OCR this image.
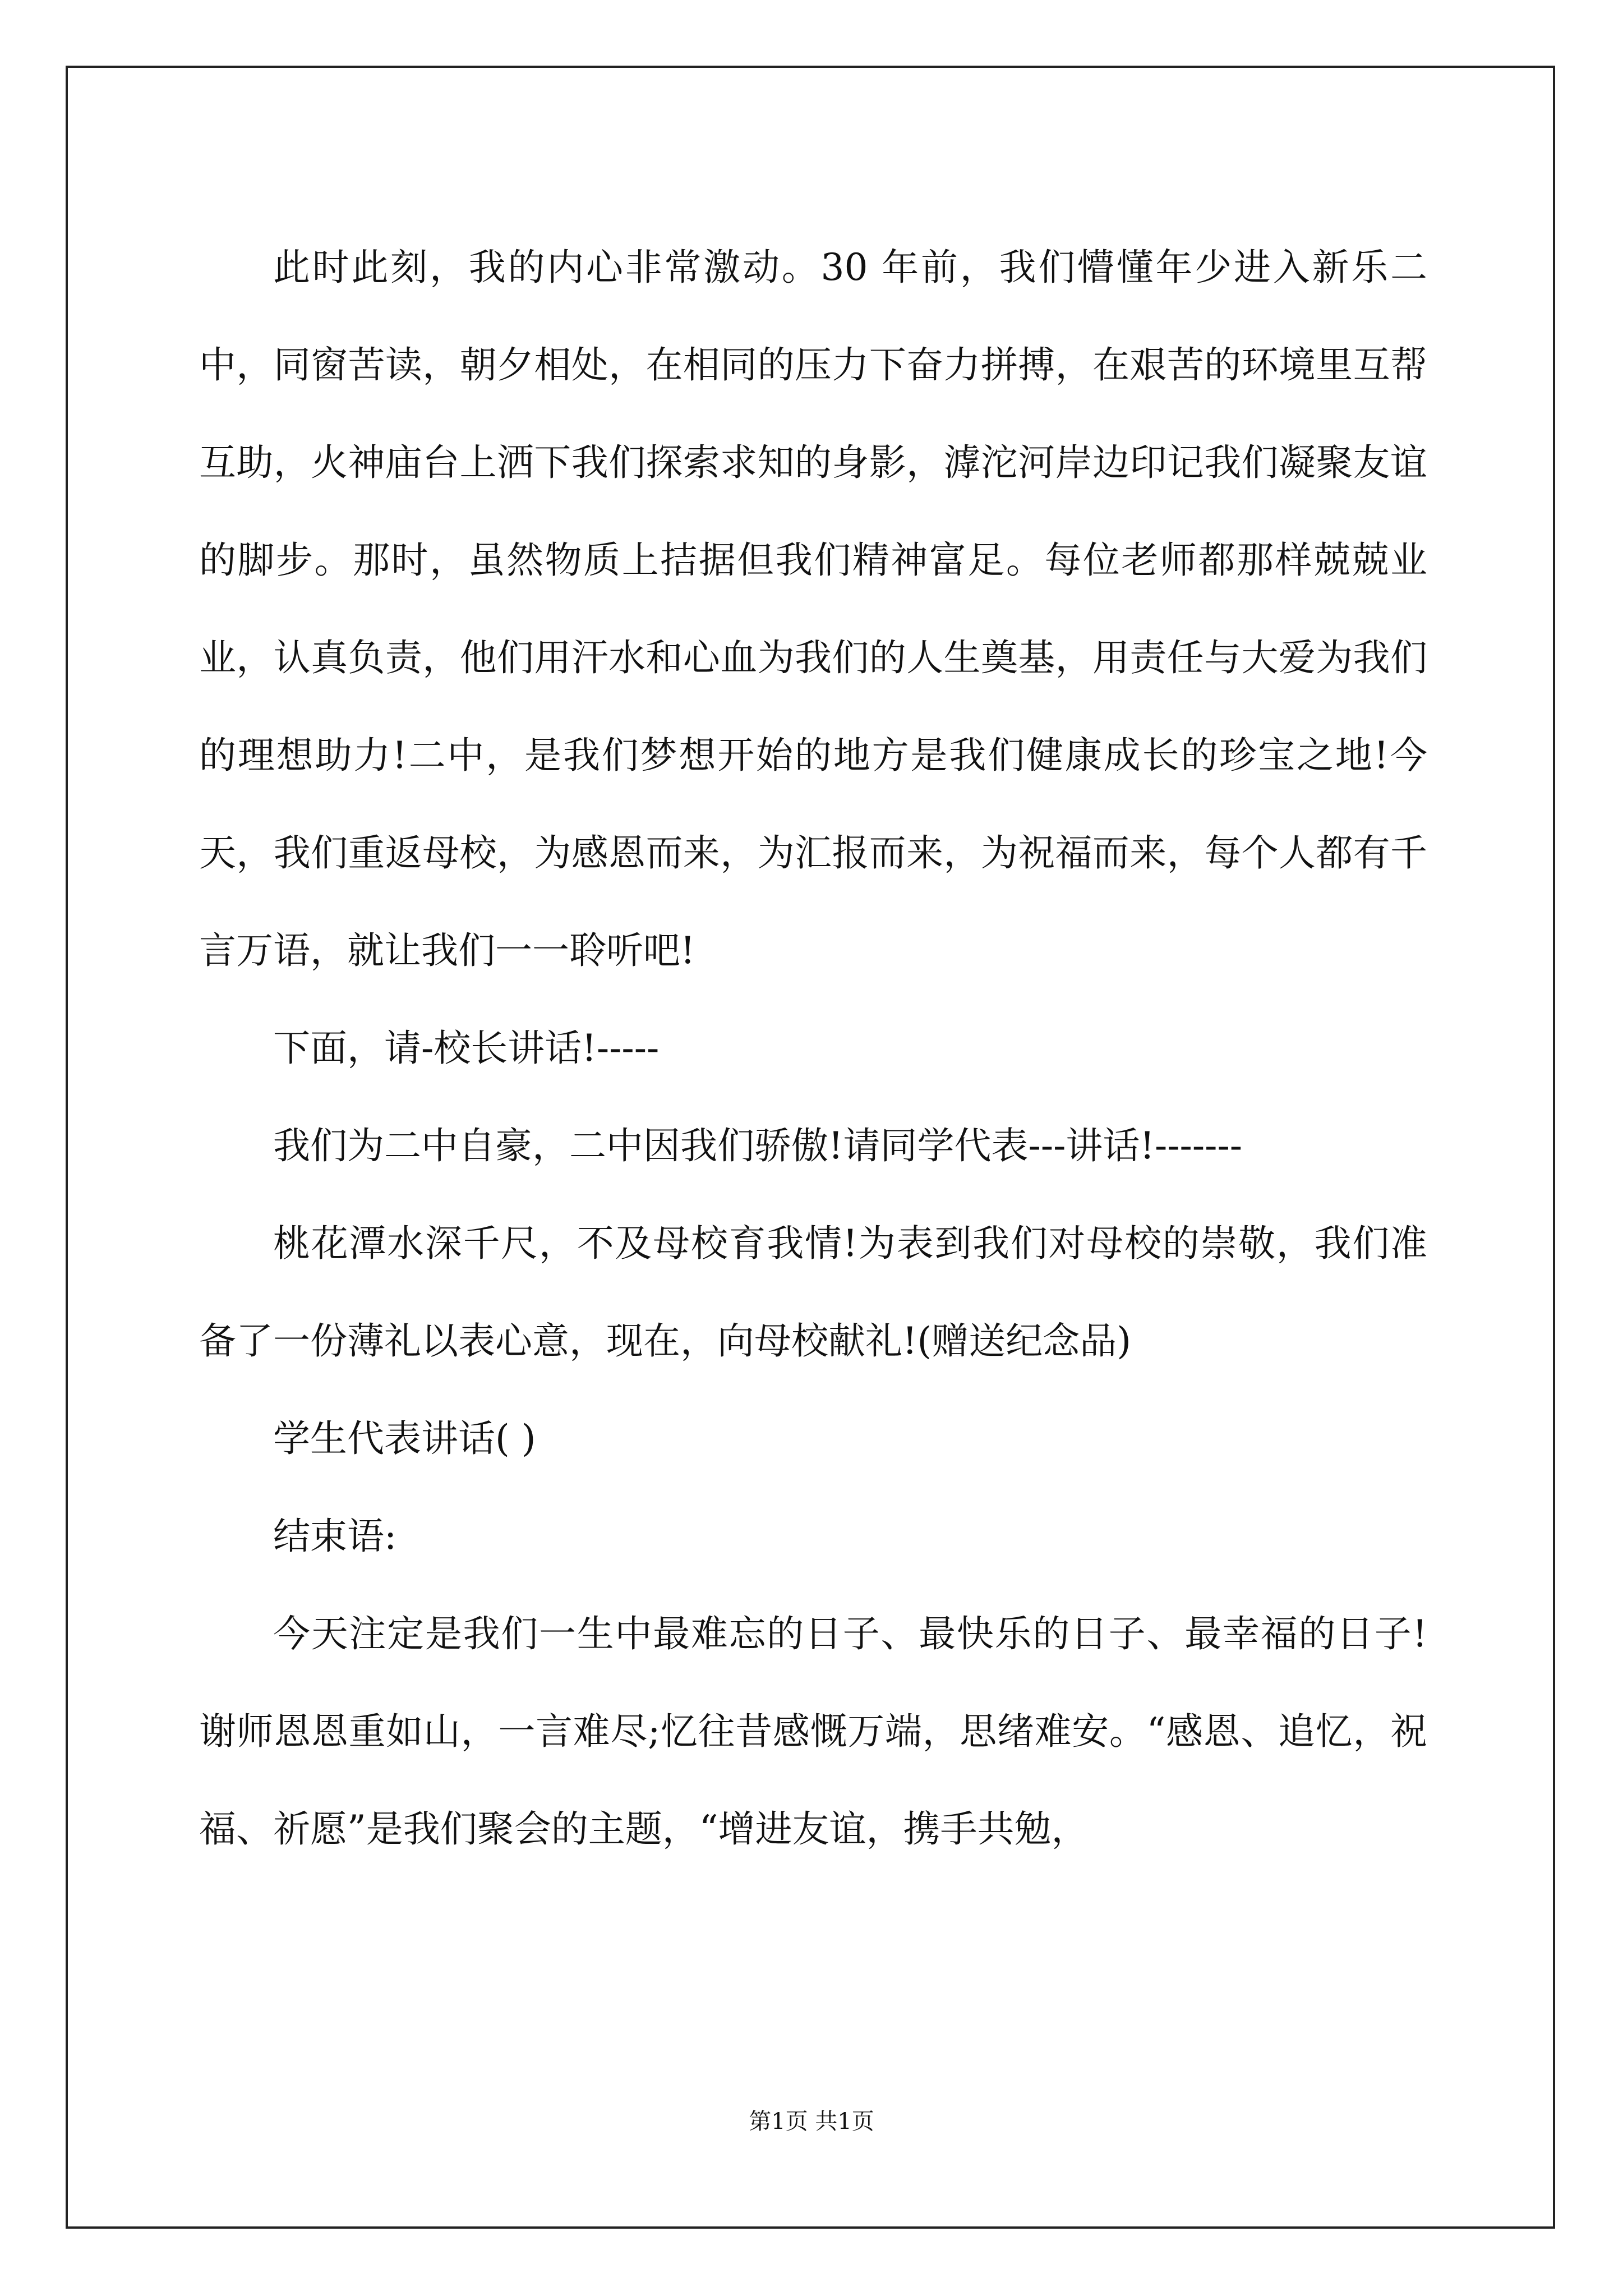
此时此刻，我的内心非常激动。30 年前，我们懵懂年少进入新乐二中，同窗苦读，朝夕相处，在相同的压力下奋力拼搏，在艰苦的环境里互帮互助，火神庙台上洒下我们探索求知的身影，滹沱河岸边印记我们凝聚友谊的脚步。那时，虽然物质上拮据但我们精神富足。每位老师都那样兢兢业业，认真负责，他们用汗水和心血为我们的人生奠基，用责任与大爱为我们的理想助力!二中，是我们梦想开始的地方是我们健康成长的珍宝之地!今天，我们重返母校，为感恩而来，为汇报而来，为祝福而来，每个人都有千言万语，就让我们一一聆听吧!

下面，请-校长讲话!-----

我们为二中自豪，二中因我们骄傲!请同学代表---讲话!-------

桃花潭水深千尺，不及母校育我情!为表到我们对母校的崇敬，我们准备了一份薄礼以表心意，现在，向母校献礼!(赠送纪念品)

学生代表讲话( )

结束语:

今天注定是我们一生中最难忘的日子、最快乐的日子、最幸福的日子!谢师恩恩重如山，一言难尽;忆往昔感慨万端，思绪难安。“感恩、追忆，祝福、祈愿”是我们聚会的主题，“增进友谊，携手共勉，

第1页 共1页
